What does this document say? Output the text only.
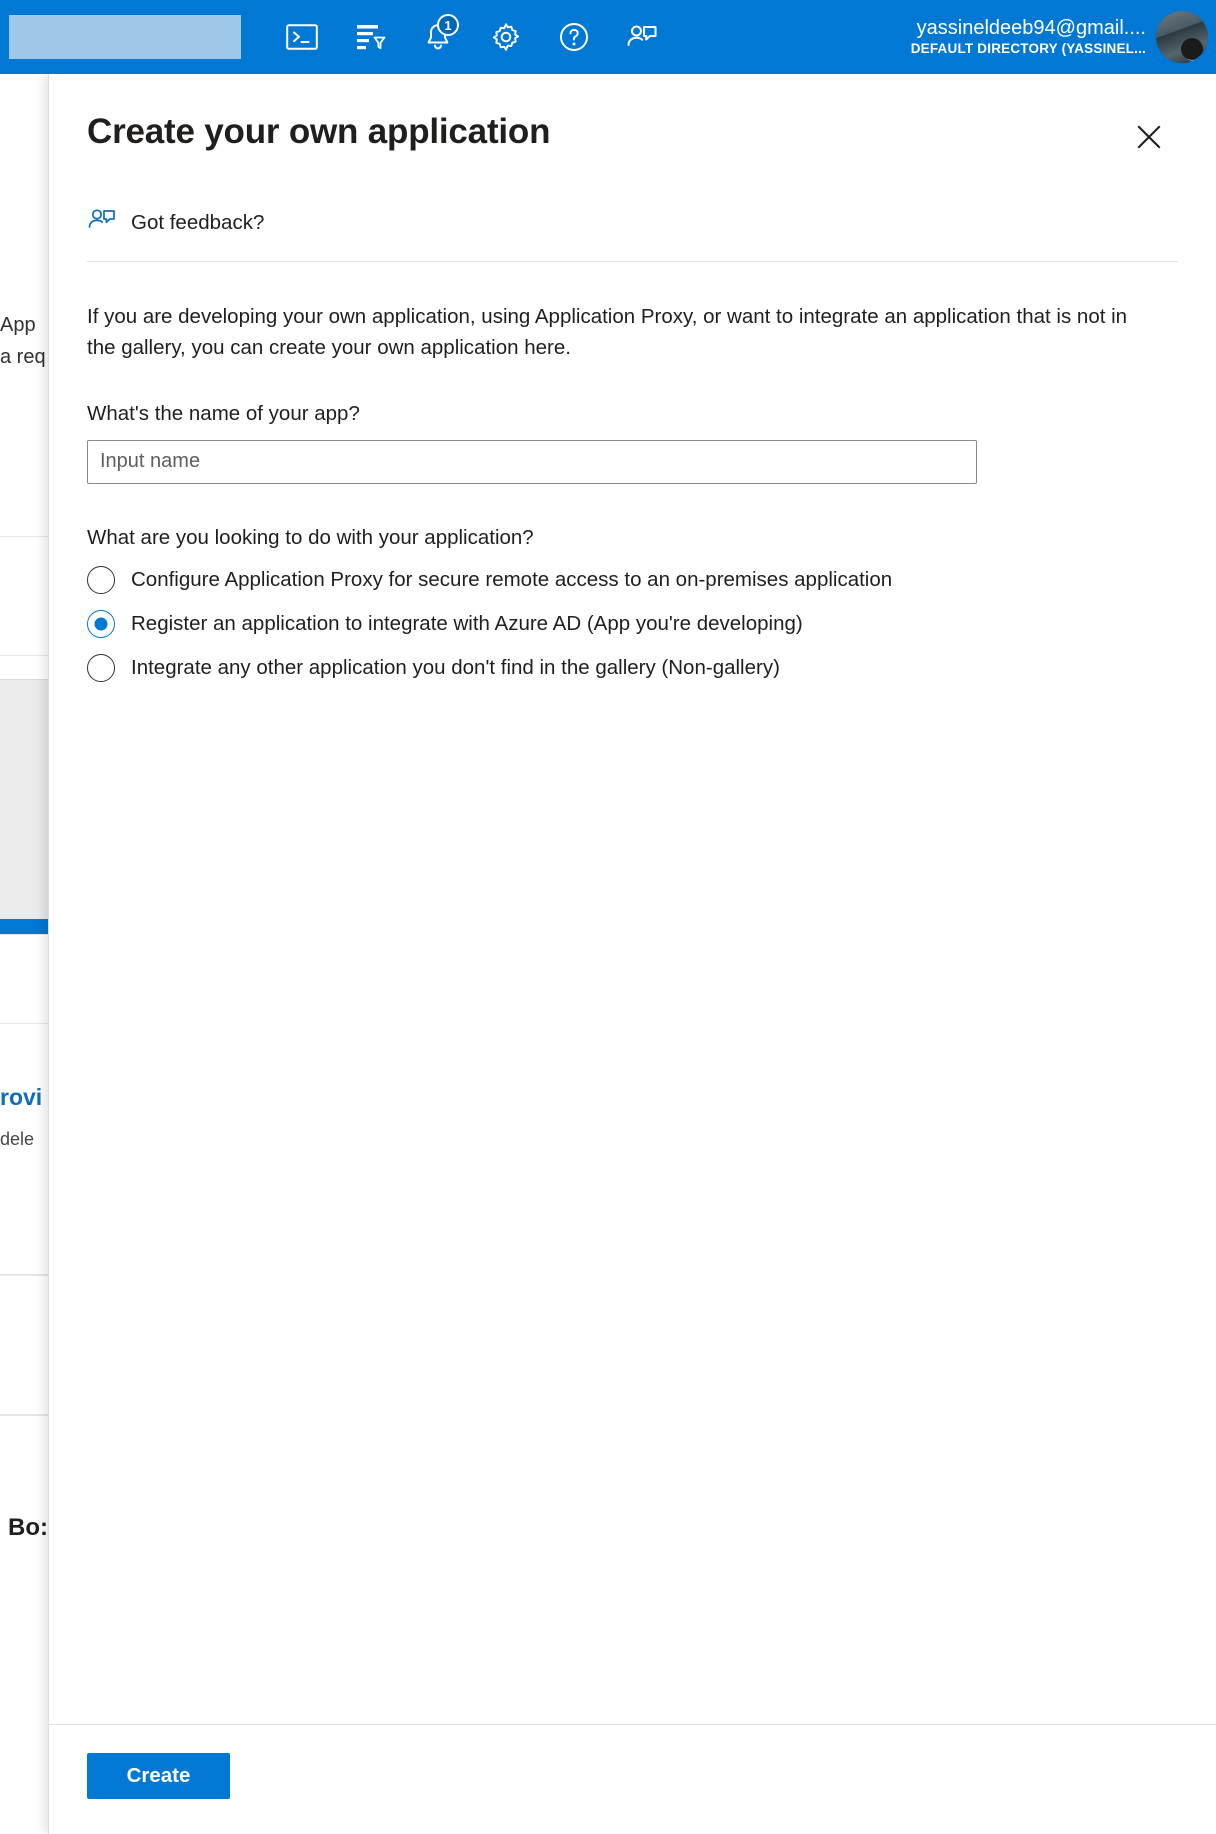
App
a req
rovi
dele
Bo:
Create your own application
Got feedback?

If you are developing your own application, using Application Proxy, or want to integrate an application that is not in the gallery, you can create your own application here.

What's the name of your app?
Input name
What are you looking to do with your application?
Configure Application Proxy for secure remote access to an on-premises application
Register an application to integrate with Azure AD (App you're developing)
Integrate any other application you don't find in the gallery (Non-gallery)
Create
1	yassineldeeb94@gmail....
DEFAULT DIRECTORY (YASSINEL...
